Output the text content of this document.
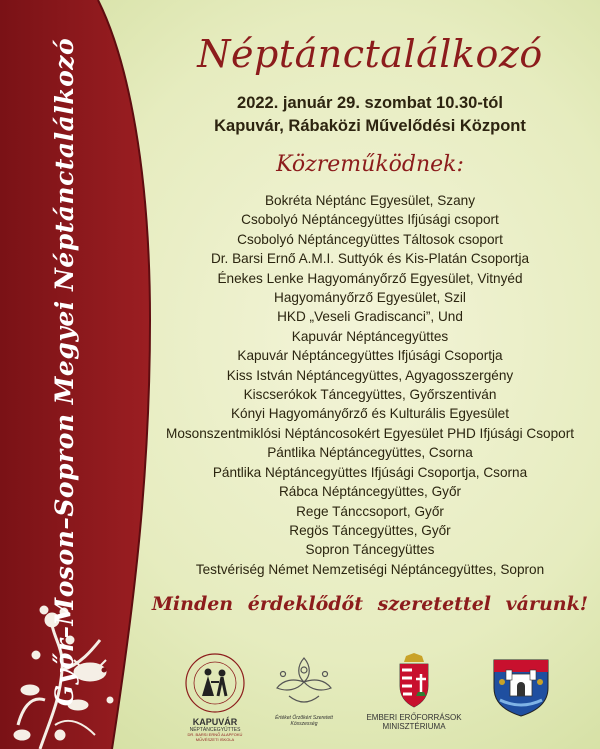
Győr–Moson–Sopron Megyei Néptánctalálkozó	Néptánctalálkozó
2022. január 29. szombat 10.30-tól
Kapuvár, Rábaközi Művelődési Központ
Közreműködnek:
Bokréta Néptánc Egyesület, Szany
Csobolyó Néptáncegyüttes Ifjúsági csoport
Csobolyó Néptáncegyüttes Táltosok csoport
Dr. Barsi Ernő A.M.I. Suttyók és Kis-Platán Csoportja
Énekes Lenke Hagyományőrző Egyesület, Vitnyéd
Hagyományőrző Egyesület, Szil
HKD „Veseli Gradiscanci”, Und
Kapuvár Néptáncegyüttes
Kapuvár Néptáncegyüttes Ifjúsági Csoportja
Kiss István Néptáncegyüttes, Agyagosszergény
Kiscserókok Táncegyüttes, Győrszentiván
Kónyi Hagyományőrző és Kulturális Egyesület
Mosonszentmiklósi Néptáncosokért Egyesület PHD Ifjúsági Csoport
Pántlika Néptáncegyüttes, Csorna
Pántlika Néptáncegyüttes Ifjúsági Csoportja, Csorna
Rábca Néptáncegyüttes, Győr
Rege Tánccsoport, Győr
Regös Táncegyüttes, Győr
Sopron Táncegyüttes
Testvériség Német Nemzetiségi Néptáncegyüttes, Sopron
Minden érdeklődőt szeretettel várunk!
KAPUVÁR
NÉPTÁNCEGYÜTTES
DR. BARSI ERNŐ ALAPFOKÚ MŰVÉSZETI ISKOLA
Értéket Őrzőkért Szeretett Kösszesség
EMBERI ERŐFORRÁSOK
MINISZTÉRIUMA
